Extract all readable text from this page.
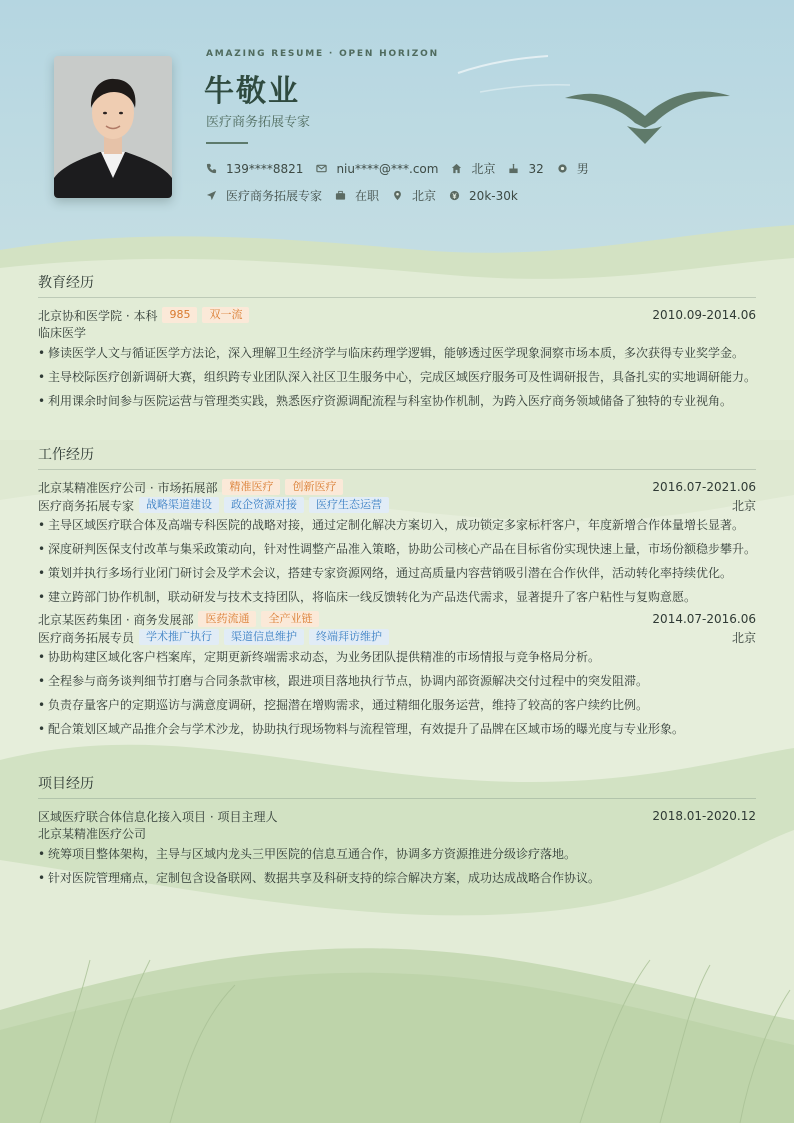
AMAZING RESUME · OPEN HORIZON
牛敬业
医疗商务拓展专家
139****8821	niu****@***.com	北京	32	男
医疗商务拓展专家	在职	北京	20k-30k
教育经历
北京协和医学院 · 本科	985	双一流	2010.09-2014.06
临床医学
• 修读医学人文与循证医学方法论，深入理解卫生经济学与临床药理学逻辑，能够透过医学现象洞察市场本质，多次获得专业奖学金。
• 主导校际医疗创新调研大赛，组织跨专业团队深入社区卫生服务中心，完成区域医疗服务可及性调研报告，具备扎实的实地调研能力。
• 利用课余时间参与医院运营与管理类实践，熟悉医疗资源调配流程与科室协作机制，为跨入医疗商务领域储备了独特的专业视角。
工作经历
北京某精准医疗公司 · 市场拓展部	精准医疗	创新医疗	2016.07-2021.06
医疗商务拓展专家	战略渠道建设	政企资源对接	医疗生态运营	北京
• 主导区域医疗联合体及高端专科医院的战略对接，通过定制化解决方案切入，成功锁定多家标杆客户，年度新增合作体量增长显著。
• 深度研判医保支付改革与集采政策动向，针对性调整产品准入策略，协助公司核心产品在目标省份实现快速上量，市场份额稳步攀升。
• 策划并执行多场行业闭门研讨会及学术会议，搭建专家资源网络，通过高质量内容营销吸引潜在合作伙伴，活动转化率持续优化。
• 建立跨部门协作机制，联动研发与技术支持团队，将临床一线反馈转化为产品迭代需求，显著提升了客户粘性与复购意愿。
北京某医药集团 · 商务发展部	医药流通	全产业链	2014.07-2016.06
医疗商务拓展专员	学术推广执行	渠道信息维护	终端拜访维护	北京
• 协助构建区域化客户档案库，定期更新终端需求动态，为业务团队提供精准的市场情报与竞争格局分析。
• 全程参与商务谈判细节打磨与合同条款审核，跟进项目落地执行节点，协调内部资源解决交付过程中的突发阻滞。
• 负责存量客户的定期巡访与满意度调研，挖掘潜在增购需求，通过精细化服务运营，维持了较高的客户续约比例。
• 配合策划区域产品推介会与学术沙龙，协助执行现场物料与流程管理，有效提升了品牌在区域市场的曝光度与专业形象。
项目经历
区域医疗联合体信息化接入项目 · 项目主理人	2018.01-2020.12
北京某精准医疗公司
• 统筹项目整体架构，主导与区域内龙头三甲医院的信息互通合作，协调多方资源推进分级诊疗落地。
• 针对医院管理痛点，定制包含设备联网、数据共享及科研支持的综合解决方案，成功达成战略合作协议。
